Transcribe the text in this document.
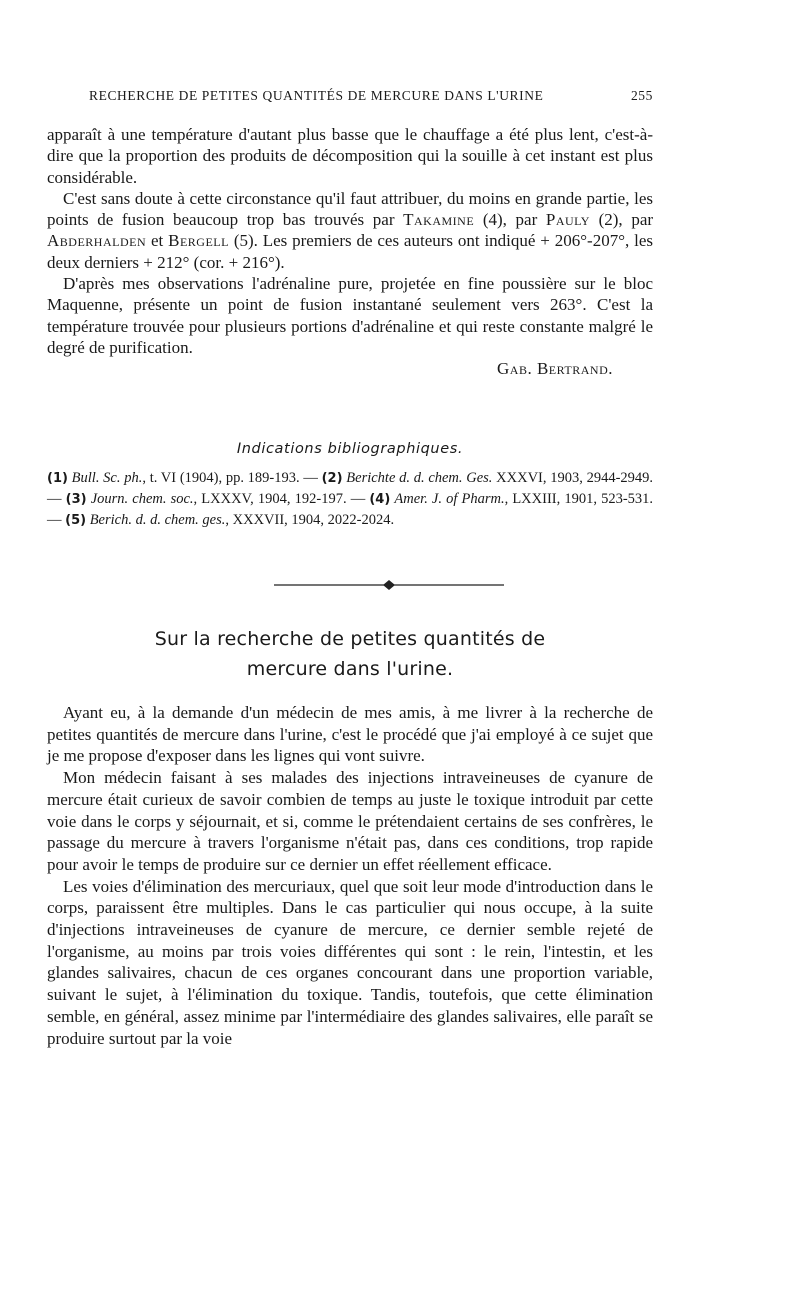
RECHERCHE DE PETITES QUANTITÉS DE MERCURE DANS L'URINE	255

apparaît à une température d'autant plus basse que le chauffage a été plus lent, c'est-à-dire que la proportion des produits de décomposition qui la souille à cet instant est plus considérable.

C'est sans doute à cette circonstance qu'il faut attribuer, du moins en grande partie, les points de fusion beaucoup trop bas trouvés par Takamine (4), par Pauly (2), par Abderhalden et Bergell (5). Les premiers de ces auteurs ont indiqué + 206°-207°, les deux derniers + 212° (cor. + 216°).

D'après mes observations l'adrénaline pure, projetée en fine poussière sur le bloc Maquenne, présente un point de fusion instantané seulement vers 263°. C'est la température trouvée pour plusieurs portions d'adrénaline et qui reste constante malgré le degré de purification.

Gab. Bertrand.
Indications bibliographiques.
(1) Bull. Sc. ph., t. VI (1904), pp. 189-193. — (2) Berichte d. d. chem. Ges. XXXVI, 1903, 2944-2949. — (3) Journ. chem. soc., LXXXV, 1904, 192-197. — (4) Amer. J. of Pharm., LXXIII, 1901, 523-531. — (5) Berich. d. d. chem. ges., XXXVII, 1904, 2022-2024.
Sur la recherche de petites quantités de
mercure dans l'urine.

Ayant eu, à la demande d'un médecin de mes amis, à me livrer à la recherche de petites quantités de mercure dans l'urine, c'est le procédé que j'ai employé à ce sujet que je me propose d'exposer dans les lignes qui vont suivre.

Mon médecin faisant à ses malades des injections intraveineuses de cyanure de mercure était curieux de savoir combien de temps au juste le toxique introduit par cette voie dans le corps y séjournait, et si, comme le prétendaient certains de ses confrères, le passage du mercure à travers l'organisme n'était pas, dans ces conditions, trop rapide pour avoir le temps de produire sur ce dernier un effet réellement efficace.

Les voies d'élimination des mercuriaux, quel que soit leur mode d'introduction dans le corps, paraissent être multiples. Dans le cas particulier qui nous occupe, à la suite d'injections intraveineuses de cyanure de mercure, ce dernier semble rejeté de l'organisme, au moins par trois voies différentes qui sont : le rein, l'intestin, et les glandes salivaires, chacun de ces organes concourant dans une proportion variable, suivant le sujet, à l'élimination du toxique. Tandis, toutefois, que cette élimination semble, en général, assez minime par l'intermédiaire des glandes salivaires, elle paraît se produire surtout par la voie
